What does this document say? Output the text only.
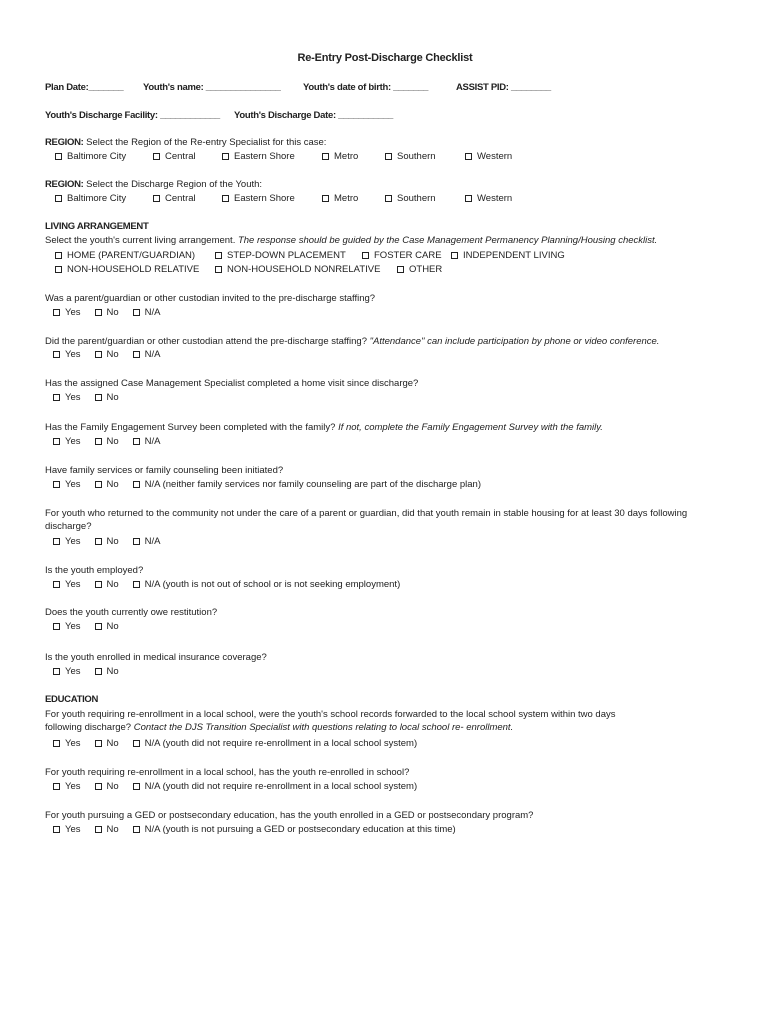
Re-Entry Post-Discharge Checklist
Plan Date:_______ Youth's name: _______________ Youth's date of birth: _______	ASSIST PID: ________
Youth's Discharge Facility: ____________ Youth's Discharge Date: ___________
REGION: Select the Region of the Re-entry Specialist for this case:
Baltimore City	Central	Eastern Shore	Metro	Southern	Western
REGION: Select the Discharge Region of the Youth:
Baltimore City	Central	Eastern Shore	Metro	Southern	Western
LIVING ARRANGEMENT
Select the youth's current living arrangement. The response should be guided by the Case Management Permanency Planning/Housing checklist.
HOME (PARENT/GUARDIAN)	STEP-DOWN PLACEMENT	FOSTER CARE	INDEPENDENT LIVING
NON-HOUSEHOLD RELATIVE	NON-HOUSEHOLD NONRELATIVE	OTHER
Was a parent/guardian or other custodian invited to the pre-discharge staffing?
Yes	No	N/A
Did the parent/guardian or other custodian attend the pre-discharge staffing? "Attendance" can include participation by phone or video conference.
Yes	No	N/A
Has the assigned Case Management Specialist completed a home visit since discharge?
Yes	No
Has the Family Engagement Survey been completed with the family? If not, complete the Family Engagement Survey with the family.
Yes	No	N/A
Have family services or family counseling been initiated?
Yes	No	N/A (neither family services nor family counseling are part of the discharge plan)
For youth who returned to the community not under the care of a parent or guardian, did that youth remain in stable housing for at least 30 days following discharge?
Yes	No	N/A
Is the youth employed?
Yes	No	N/A (youth is not out of school or is not seeking employment)
Does the youth currently owe restitution?
Yes	No
Is the youth enrolled in medical insurance coverage?
Yes	No
EDUCATION
For youth requiring re-enrollment in a local school, were the youth's school records forwarded to the local school system within two days following discharge? Contact the DJS Transition Specialist with questions relating to local school re- enrollment.
Yes	No	N/A (youth did not require re-enrollment in a local school system)
For youth requiring re-enrollment in a local school, has the youth re-enrolled in school?
Yes	No	N/A (youth did not require re-enrollment in a local school system)
For youth pursuing a GED or postsecondary education, has the youth enrolled in a GED or postsecondary program?
Yes	No	N/A (youth is not pursuing a GED or postsecondary education at this time)
